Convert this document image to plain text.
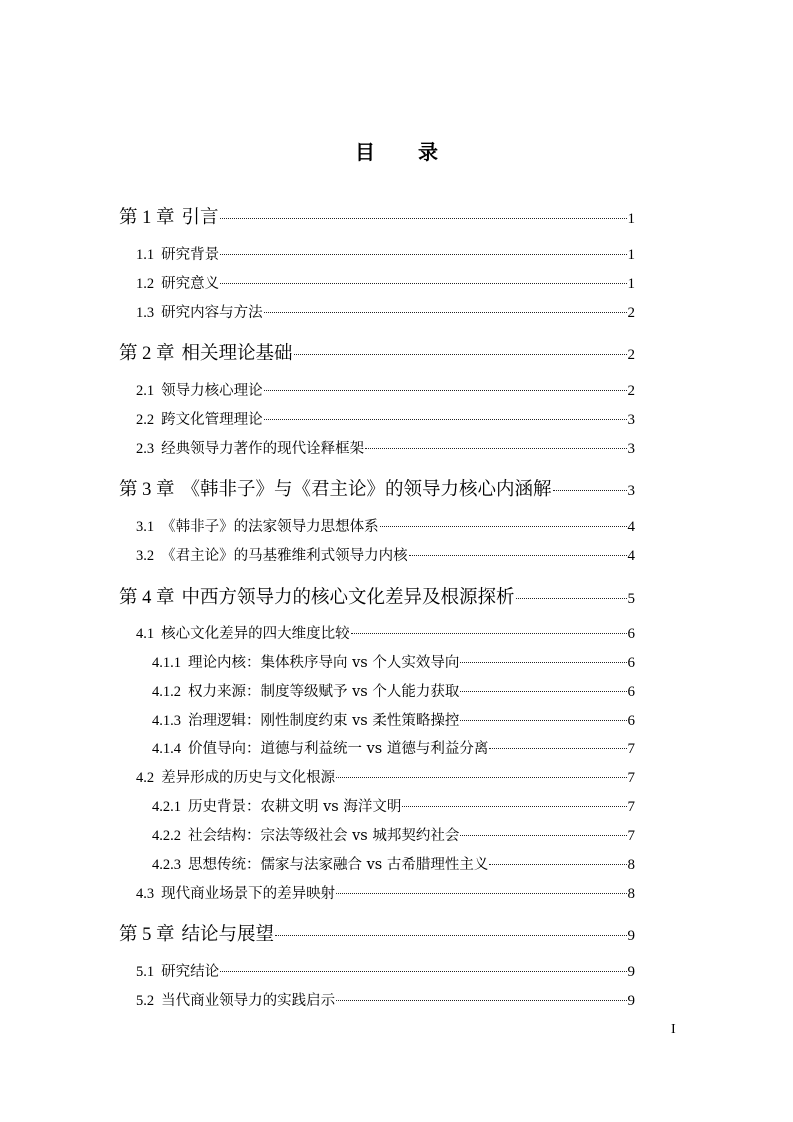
目 录
第 1 章 引言	1
1.1 研究背景	1
1.2 研究意义	1
1.3 研究内容与方法	2
第 2 章 相关理论基础	2
2.1 领导力核心理论	2
2.2 跨文化管理理论	3
2.3 经典领导力著作的现代诠释框架	3
第 3 章 《韩非子》与《君主论》的领导力核心内涵解	3
3.1 《韩非子》的法家领导力思想体系	4
3.2 《君主论》的马基雅维利式领导力内核	4
第 4 章 中西方领导力的核心文化差异及根源探析	5
4.1 核心文化差异的四大维度比较	6
4.1.1 理论内核：集体秩序导向 vs 个人实效导向	6
4.1.2 权力来源：制度等级赋予 vs 个人能力获取	6
4.1.3 治理逻辑：刚性制度约束 vs 柔性策略操控	6
4.1.4 价值导向：道德与利益统一 vs 道德与利益分离	7
4.2 差异形成的历史与文化根源	7
4.2.1 历史背景：农耕文明 vs 海洋文明	7
4.2.2 社会结构：宗法等级社会 vs 城邦契约社会	7
4.2.3 思想传统：儒家与法家融合 vs 古希腊理性主义	8
4.3 现代商业场景下的差异映射	8
第 5 章 结论与展望	9
5.1 研究结论	9
5.2 当代商业领导力的实践启示	9
I
